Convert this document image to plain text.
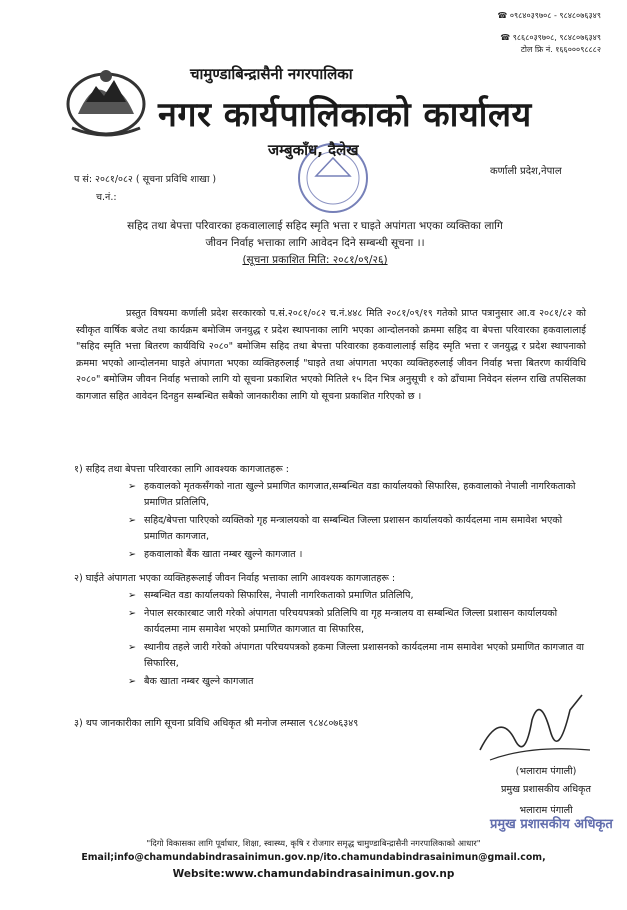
☎ ०९८४०३९७०८ - ९८४८०७६३४९
☎ ९८६८०३९७०८, ९८४८०७६३४९
टोल फ्रि नं. १६६०००९८८८२
चामुण्डाबिन्द्रासैनी नगरपालिका
नगर कार्यपालिकाको कार्यालय
जम्बुकाँध, दैलेख
कर्णाली प्रदेश,नेपाल
प सं: २०८१/०८२ ( सूचना प्रविधि शाखा )
च.नं.:
सहिद तथा बेपत्ता परिवारका हकवालालाई सहिद स्मृति भत्ता र घाइते अपांगता भएका व्यक्तिका लागि
जीवन निर्वाह भत्ताका लागि आवेदन दिने सम्बन्धी सूचना ।।
(सूचना प्रकाशित मिति: २०८१/०९/२६)

प्रस्तुत विषयमा कर्णाली प्रदेश सरकारको प.सं.२०८१/०८२ च.नं.४४८ मिति २०८१/०९/१९ गतेको प्राप्त पत्रानुसार आ.व २०८१/८२ को स्वीकृत वार्षिक बजेट तथा कार्यक्रम बमोजिम जनयुद्ध र प्रदेश स्थापनाका लागि भएका आन्दोलनको क्रममा सहिद वा बेपत्ता परिवारका हकवालालाई "सहिद स्मृति भत्ता बितरण कार्यविधि २०८०" बमोजिम सहिद तथा बेपत्ता परिवारका हकवालालाई सहिद स्मृति भत्ता र जनयुद्ध र प्रदेश स्थापनाको क्रममा भएको आन्दोलनमा घाइते अंपागता भएका व्यक्तिहरुलाई "घाइते तथा अंपागता भएका व्यक्तिहरुलाई जीवन निर्वाह भत्ता बितरण कार्यविधि २०८०" बमोजिम जीवन निर्वाह भत्ताको लागि यो सूचना प्रकाशित भएको मितिले १५ दिन भित्र अनुसूची १ को ढाँचामा निवेदन संलग्न राखि तपसिलका कागजात सहित आवेदन दिनहुन सम्बन्धित सबैको जानकारीका लागि यो सूचना प्रकाशित गरिएको छ ।

१) सहिद तथा बेपत्ता परिवारका लागि आवश्यक कागजातहरू :
➢ हकवालको मृतकसँगको नाता खुल्ने प्रमाणित कागजात,सम्बन्धित वडा कार्यालयको सिफारिस, हकवालाको नेपाली नागरिकताको प्रमाणित प्रतिलिपि,
➢ सहिद/बेपत्ता पारिएको व्यक्तिको गृह मन्त्रालयको वा सम्बन्धित जिल्ला प्रशासन कार्यालयको कार्यदलमा नाम समावेश भएको प्रमाणित कागजात,
➢ हकवालाको बैंक खाता नम्बर खुल्ने कागजात ।
२) घाईते अंपागता भएका व्यक्तिहरूलाई जीवन निर्वाह भत्ताका लागि आवश्यक कागजातहरू :
➢ सम्बन्धित वडा कार्यालयको सिफारिस, नेपाली नागरिकताको प्रमाणित प्रतिलिपि,
➢ नेपाल सरकारबाट जारी गरेको अंपागता परिचयपत्रको प्रतिलिपि वा गृह मन्त्रालय वा सम्बन्धित जिल्ला प्रशासन कार्यालयको कार्यदलमा नाम समावेश भएको प्रमाणित कागजात वा सिफारिस,
➢ स्थानीय तहले जारी गरेको अंपागता परिचयपत्रको हकमा जिल्ला प्रशासनको कार्यदलमा नाम समावेश भएको प्रमाणित कागजात वा सिफारिस,
➢ बैक खाता नम्बर खुल्ने कागजात
३) थप जानकारीका लागि सूचना प्रविधि अधिकृत श्री मनोज लम्साल ९८४८०७६३४९
(भलाराम पंगाली)
प्रमुख प्रशासकीय अधिकृत
भलाराम पंगाली
प्रमुख प्रशासकीय अधिकृत
"दिगो विकासका लागि पूर्वाधार, शिक्षा, स्वास्थ्य, कृषि र रोजगार समृद्ध चामुण्डाबिन्द्रासैनी नगरपालिकाको आधार"
Email;info@chamundabindrasainimun.gov.np/ito.chamundabindrasainimun@gmail.com,
Website:www.chamundabindrasainimun.gov.np
